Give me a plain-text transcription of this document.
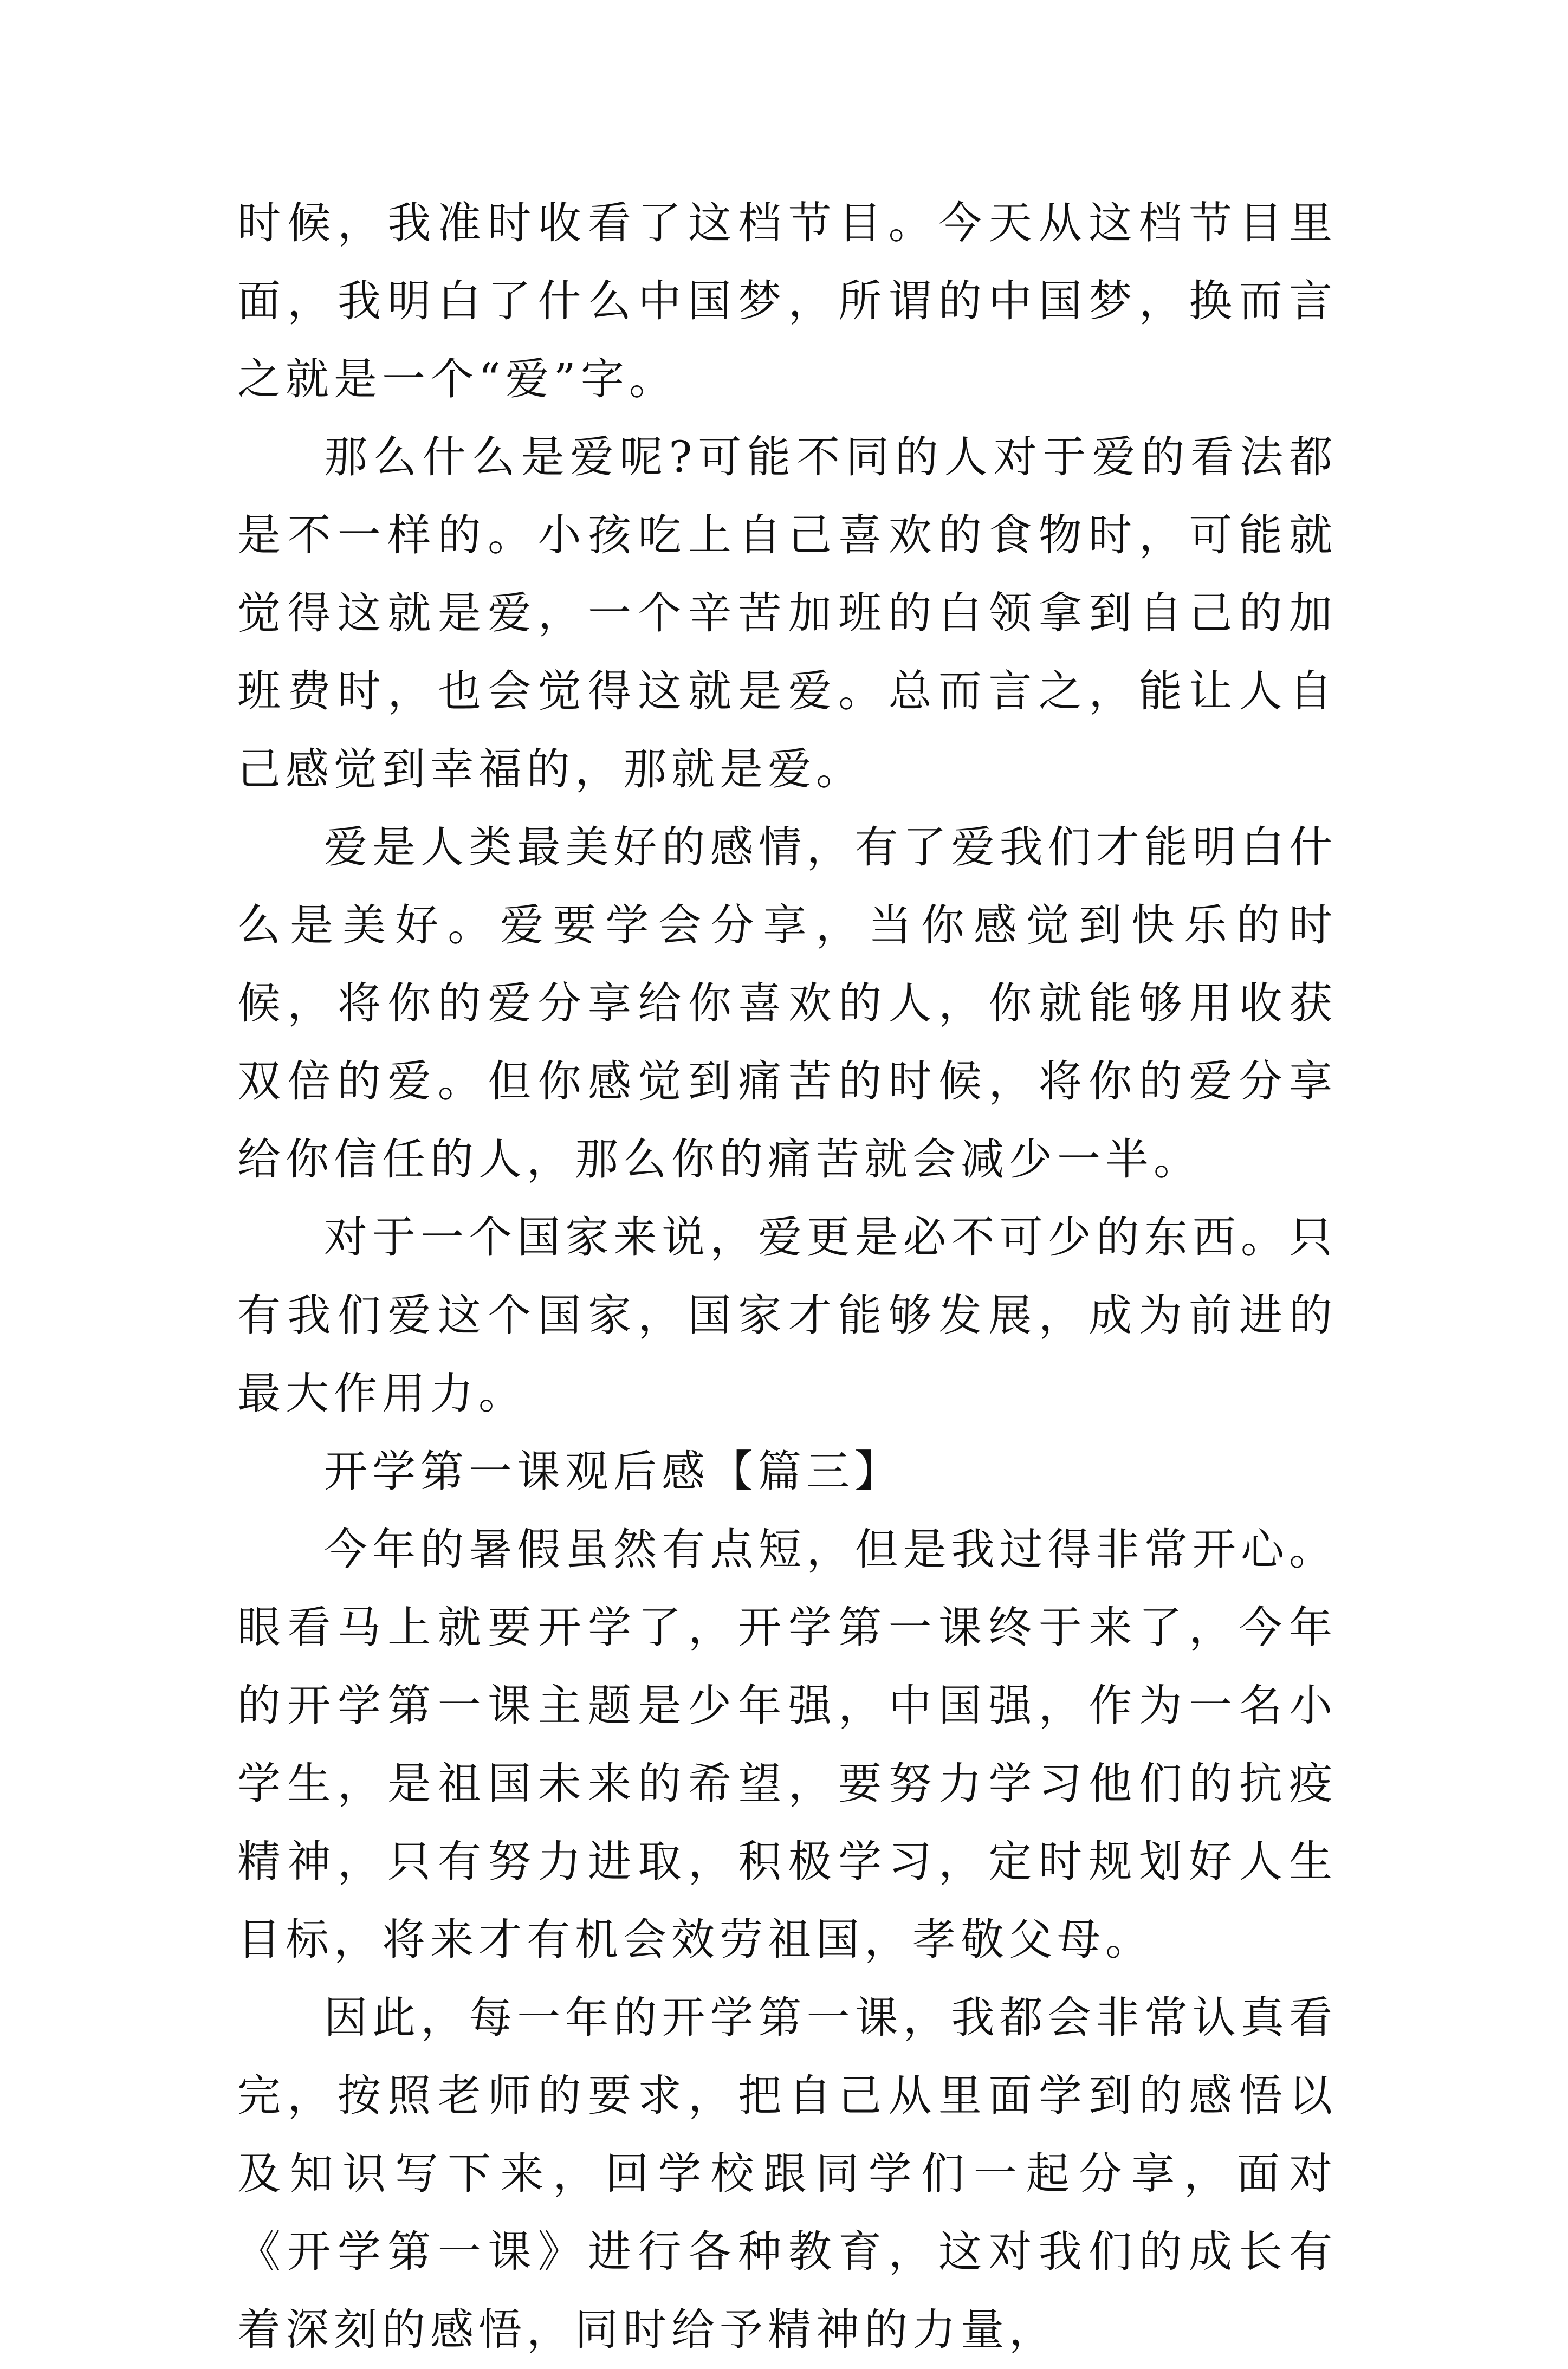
时候，我准时收看了这档节目。今天从这档节目里面，我明白了什么中国梦，所谓的中国梦，换而言之就是一个“爱”字。

那么什么是爱呢?可能不同的人对于爱的看法都是不一样的。小孩吃上自己喜欢的食物时，可能就觉得这就是爱，一个辛苦加班的白领拿到自己的加班费时，也会觉得这就是爱。总而言之，能让人自己感觉到幸福的，那就是爱。

爱是人类最美好的感情，有了爱我们才能明白什么是美好。爱要学会分享，当你感觉到快乐的时候，将你的爱分享给你喜欢的人，你就能够用收获双倍的爱。但你感觉到痛苦的时候，将你的爱分享给你信任的人，那么你的痛苦就会减少一半。

对于一个国家来说，爱更是必不可少的东西。只有我们爱这个国家，国家才能够发展，成为前进的最大作用力。

开学第一课观后感【篇三】

今年的暑假虽然有点短，但是我过得非常开心。眼看马上就要开学了，开学第一课终于来了，今年的开学第一课主题是少年强，中国强，作为一名小学生，是祖国未来的希望，要努力学习他们的抗疫精神，只有努力进取，积极学习，定时规划好人生目标，将来才有机会效劳祖国，孝敬父母。

因此，每一年的开学第一课，我都会非常认真看完，按照老师的要求，把自己从里面学到的感悟以及知识写下来，回学校跟同学们一起分享，面对《开学第一课》进行各种教育，这对我们的成长有着深刻的感悟，同时给予精神的力量，
